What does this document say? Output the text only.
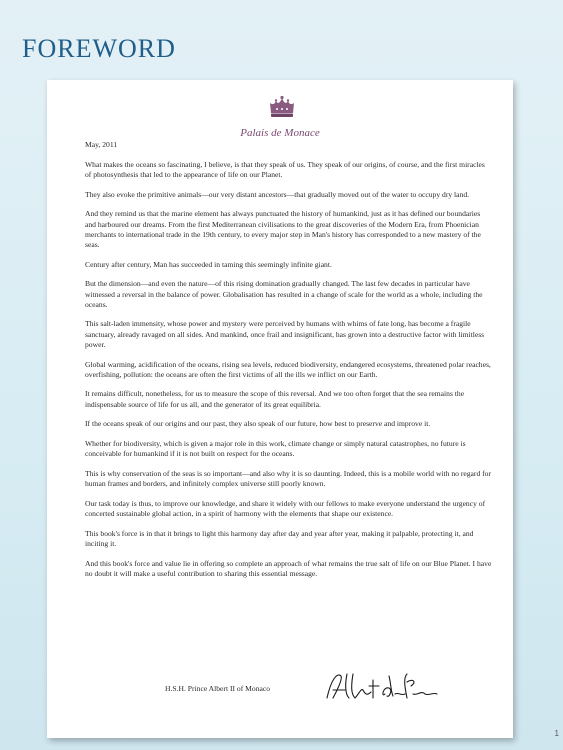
FOREWORD
Palais de Monace

May, 2011

What makes the oceans so fascinating, I believe, is that they speak of us. They speak of our origins, of course, and the first miracles of photosynthesis that led to the appearance of life on our Planet.

They also evoke the primitive animals—our very distant ancestors—that gradually moved out of the water to occupy dry land.

And they remind us that the marine element has always punctuated the history of humankind, just as it has defined our boundaries and harboured our dreams. From the first Mediterranean civilisations to the great discoveries of the Modern Era, from Phoenician merchants to international trade in the 19th century, to every major step in Man's history has corresponded to a new mastery of the seas.

Century after century, Man has succeeded in taming this seemingly infinite giant.

But the dimension—and even the nature—of this rising domination gradually changed. The last few decades in particular have witnessed a reversal in the balance of power. Globalisation has resulted in a change of scale for the world as a whole, including the oceans.

This salt-laden immensity, whose power and mystery were perceived by humans with whims of fate long, has become a fragile sanctuary, already ravaged on all sides. And mankind, once frail and insignificant, has grown into a destructive factor with limitless power.

Global warming, acidification of the oceans, rising sea levels, reduced biodiversity, endangered ecosystems, threatened polar reaches, overfishing, pollution: the oceans are often the first victims of all the ills we inflict on our Earth.

It remains difficult, nonetheless, for us to measure the scope of this reversal. And we too often forget that the sea remains the indispensable source of life for us all, and the generator of its great equilibria.

If the oceans speak of our origins and our past, they also speak of our future, how best to preserve and improve it.

Whether for biodiversity, which is given a major role in this work, climate change or simply natural catastrophes, no future is conceivable for humankind if it is not built on respect for the oceans.

This is why conservation of the seas is so important—and also why it is so daunting. Indeed, this is a mobile world with no regard for human frames and borders, and infinitely complex universe still poorly known.

Our task today is thus, to improve our knowledge, and share it widely with our fellows to make everyone understand the urgency of concerted sustainable global action, in a spirit of harmony with the elements that shape our existence.

This book's force is in that it brings to light this harmony day after day and year after year, making it palpable, protecting it, and inciting it.

And this book's force and value lie in offering so complete an approach of what remains the true salt of life on our Blue Planet. I have no doubt it will make a useful contribution to sharing this essential message.

H.S.H. Prince Albert II of Monaco
1
